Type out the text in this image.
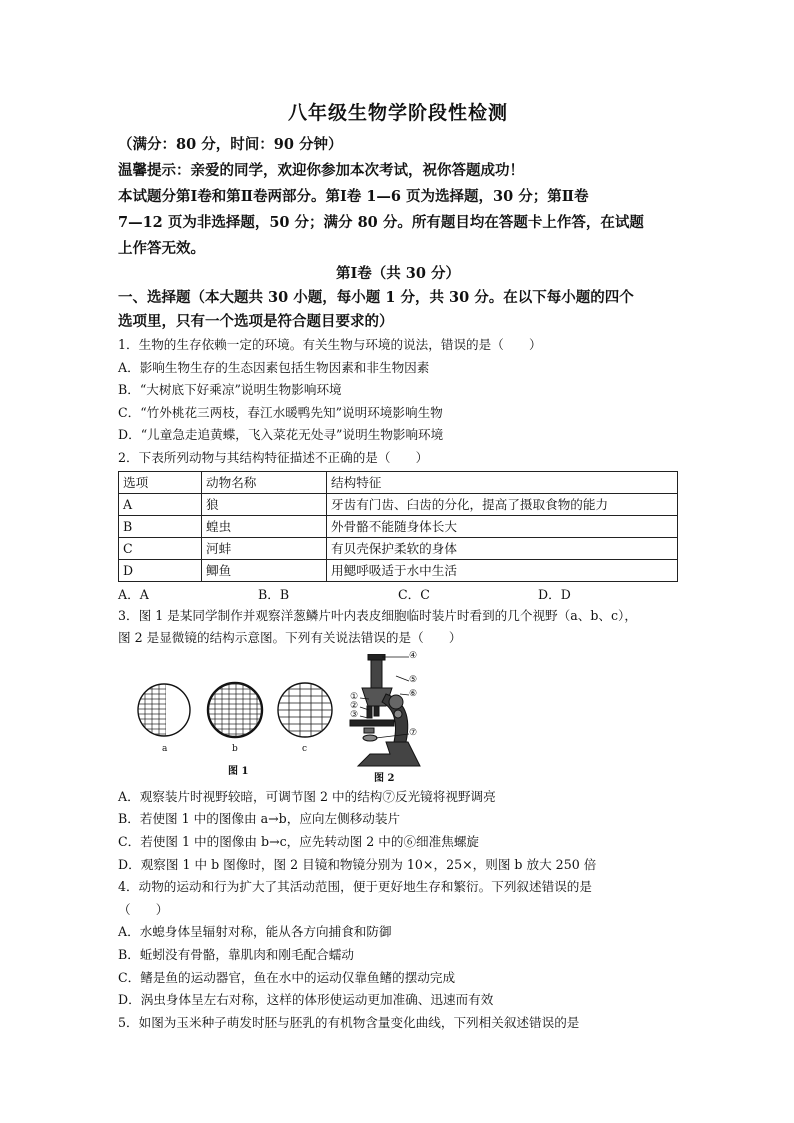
八年级生物学阶段性检测
（满分：80 分，时间：90 分钟）
温馨提示：亲爱的同学，欢迎你参加本次考试，祝你答题成功！
本试题分第Ⅰ卷和第Ⅱ卷两部分。第Ⅰ卷 1—6 页为选择题，30 分；第Ⅱ卷
7—12 页为非选择题，50 分；满分 80 分。所有题目均在答题卡上作答，在试题
上作答无效。
第Ⅰ卷（共 30 分）
一、选择题（本大题共 30 小题，每小题 1 分，共 30 分。在以下每小题的四个
选项里，只有一个选项是符合题目要求的）
1．生物的生存依赖一定的环境。有关生物与环境的说法，错误的是（　　）
A．影响生物生存的生态因素包括生物因素和非生物因素
B．“大树底下好乘凉”说明生物影响环境
C．“竹外桃花三两枝，春江水暖鸭先知”说明环境影响生物
D．“儿童急走追黄蝶，飞入菜花无处寻”说明生物影响环境
2．下表所列动物与其结构特征描述不正确的是（　　）
选项	动物名称	结构特征
A	狼	牙齿有门齿、臼齿的分化，提高了摄取食物的能力
B	蝗虫	外骨骼不能随身体长大
C	河蚌	有贝壳保护柔软的身体
D	鲫鱼	用鳃呼吸适于水中生活
A．A	B．B	C．C	D．D
3．图 1 是某同学制作并观察洋葱鳞片叶内表皮细胞临时装片时看到的几个视野（a、b、c），
图 2 是显微镜的结构示意图。下列有关说法错误的是（　　）
a	b	c
图 1
图 2
④
⑤
⑥
①
②
③
⑦
A．观察装片时视野较暗，可调节图 2 中的结构⑦反光镜将视野调亮
B．若使图 1 中的图像由 a→b，应向左侧移动装片
C．若使图 1 中的图像由 b→c，应先转动图 2 中的⑥细准焦螺旋
D．观察图 1 中 b 图像时，图 2 目镜和物镜分别为 10×，25×，则图 b 放大 250 倍
4．动物的运动和行为扩大了其活动范围，便于更好地生存和繁衍。下列叙述错误的是
（　　）
A．水螅身体呈辐射对称，能从各方向捕食和防御
B．蚯蚓没有骨骼，靠肌肉和刚毛配合蠕动
C．鳍是鱼的运动器官，鱼在水中的运动仅靠鱼鳍的摆动完成
D．涡虫身体呈左右对称，这样的体形使运动更加准确、迅速而有效
5．如图为玉米种子萌发时胚与胚乳的有机物含量变化曲线，下列相关叙述错误的是
